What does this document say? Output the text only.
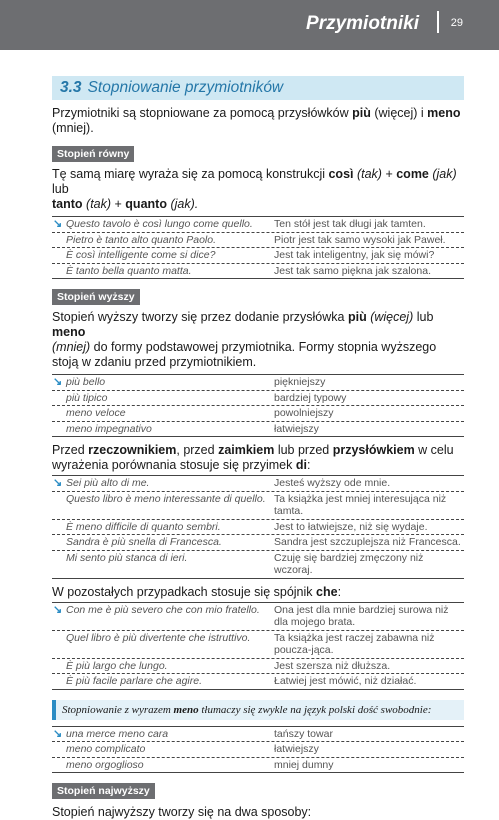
Przymiotniki	29
3.3 Stopniowanie przymiotników

Przymiotniki są stopniowane za pomocą przysłówków più (więcej) i meno (mniej).

Stopień równy

Tę samą miarę wyraża się za pomocą konstrukcji così (tak) + come (jak) lub
tanto (tak) + quanto (jak).

↘ Questo tavolo è così lungo come quello.	Ten stół jest tak długi jak tamten.
Pietro è tanto alto quanto Paolo.	Piotr jest tak samo wysoki jak Paweł.
È così intelligente come si dice?	Jest tak inteligentny, jak się mówi?
È tanto bella quanto matta.	Jest tak samo piękna jak szalona.
Stopień wyższy

Stopień wyższy tworzy się przez dodanie przysłówka più (więcej) lub meno
(mniej) do formy podstawowej przymiotnika. Formy stopnia wyższego stoją w zdaniu przed przymiotnikiem.

↘ più bello	piękniejszy
più tipico	bardziej typowy
meno veloce	powolniejszy
meno impegnativo	łatwiejszy

Przed rzeczownikiem, przed zaimkiem lub przed przysłówkiem w celu wyrażenia porównania stosuje się przyimek di:

↘ Sei più alto di me.	Jesteś wyższy ode mnie.
Questo libro è meno interessante di quello. Ta książka jest mniej interesująca niż tamta.
È meno difficile di quanto sembri.	Jest to łatwiejsze, niż się wydaje.
Sandra è più snella di Francesca.	Sandra jest szczuplejsza niż Francesca.
Mi sento più stanca di ieri.	Czuję się bardziej zmęczony niż wczoraj.

W pozostałych przypadkach stosuje się spójnik che:

↘ Con me è più severo che con mio fratello.	Ona jest dla mnie bardziej surowa niż dla mojego brata.
Quel libro è più divertente che istruttivo.	Ta książka jest raczej zabawna niż poucza-jąca.
È più largo che lungo.	Jest szersza niż dłuższa.
È più facile parlare che agire.	Łatwiej jest mówić, niż działać.
Stopniowanie z wyrazem meno tłumaczy się zwykle na język polski dość swobodnie:
↘ una merce meno cara	tańszy towar
meno complicato	łatwiejszy
meno orgoglioso	mniej dumny
Stopień najwyższy

Stopień najwyższy tworzy się na dwa sposoby:
